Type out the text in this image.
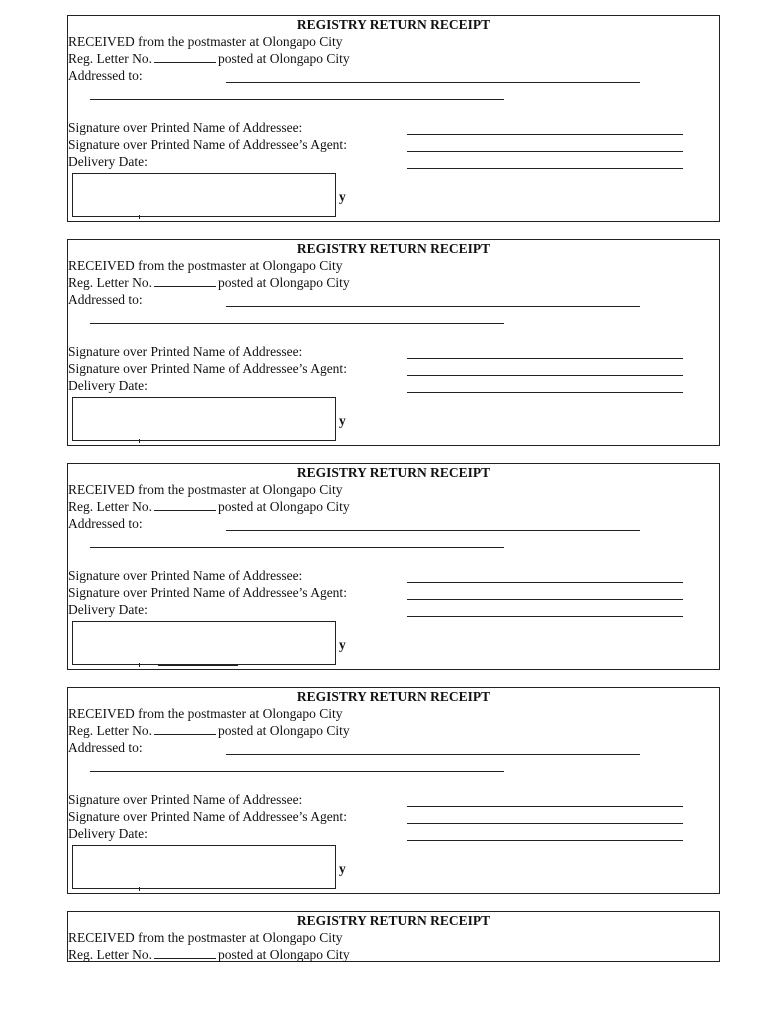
REGISTRY RETURN RECEIPT
RECEIVED from the postmaster at Olongapo City
Reg. Letter No.	posted at Olongapo City
Addressed to:
Signature over Printed Name of Addressee:
Signature over Printed Name of Addressee’s Agent:
Delivery Date:
y
REGISTRY RETURN RECEIPT
RECEIVED from the postmaster at Olongapo City
Reg. Letter No.	posted at Olongapo City
Addressed to:
Signature over Printed Name of Addressee:
Signature over Printed Name of Addressee’s Agent:
Delivery Date:
y
REGISTRY RETURN RECEIPT
RECEIVED from the postmaster at Olongapo City
Reg. Letter No.	posted at Olongapo City
Addressed to:
Signature over Printed Name of Addressee:
Signature over Printed Name of Addressee’s Agent:
Delivery Date:
y
REGISTRY RETURN RECEIPT
RECEIVED from the postmaster at Olongapo City
Reg. Letter No.	posted at Olongapo City
Addressed to:
Signature over Printed Name of Addressee:
Signature over Printed Name of Addressee’s Agent:
Delivery Date:
y
REGISTRY RETURN RECEIPT
RECEIVED from the postmaster at Olongapo City
Reg. Letter No.	posted at Olongapo City
